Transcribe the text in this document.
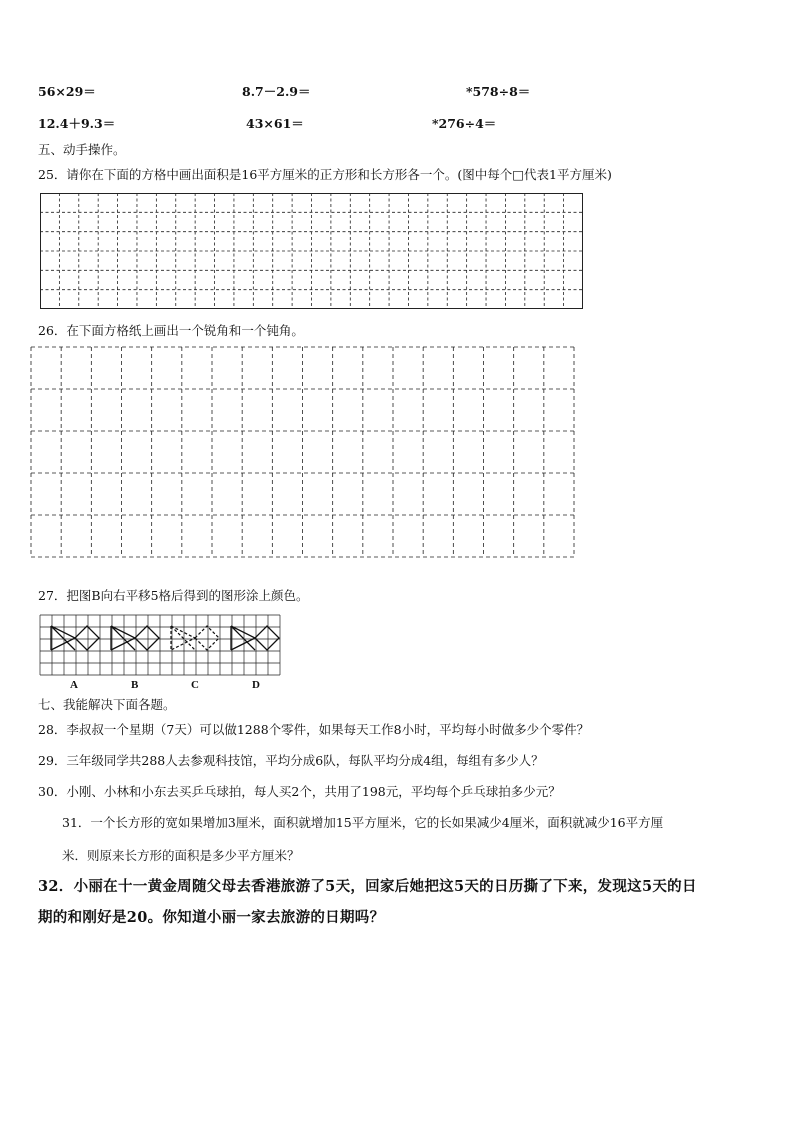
56×29＝	8.7－2.9＝	*578÷8＝
12.4＋9.3＝	43×61＝	*276÷4＝
五、动手操作。
25．请你在下面的方格中画出面积是16平方厘米的正方形和长方形各一个。(图中每个□代表1平方厘米)
26．在下面方格纸上画出一个锐角和一个钝角。
27．把图B向右平移5格后得到的图形涂上颜色。
A	B	C	D
七、我能解决下面各题。
28．李叔叔一个星期（7天）可以做1288个零件，如果每天工作8小时，平均每小时做多少个零件？
29．三年级同学共288人去参观科技馆，平均分成6队，每队平均分成4组，每组有多少人？
30．小刚、小林和小东去买乒乓球拍，每人买2个，共用了198元，平均每个乒乓球拍多少元？
31．一个长方形的宽如果增加3厘米，面积就增加15平方厘米，它的长如果减少4厘米，面积就减少16平方厘
米．则原来长方形的面积是多少平方厘米？
32．小丽在十一黄金周随父母去香港旅游了5天，回家后她把这5天的日历撕了下来，发现这5天的日
期的和刚好是20。你知道小丽一家去旅游的日期吗？
